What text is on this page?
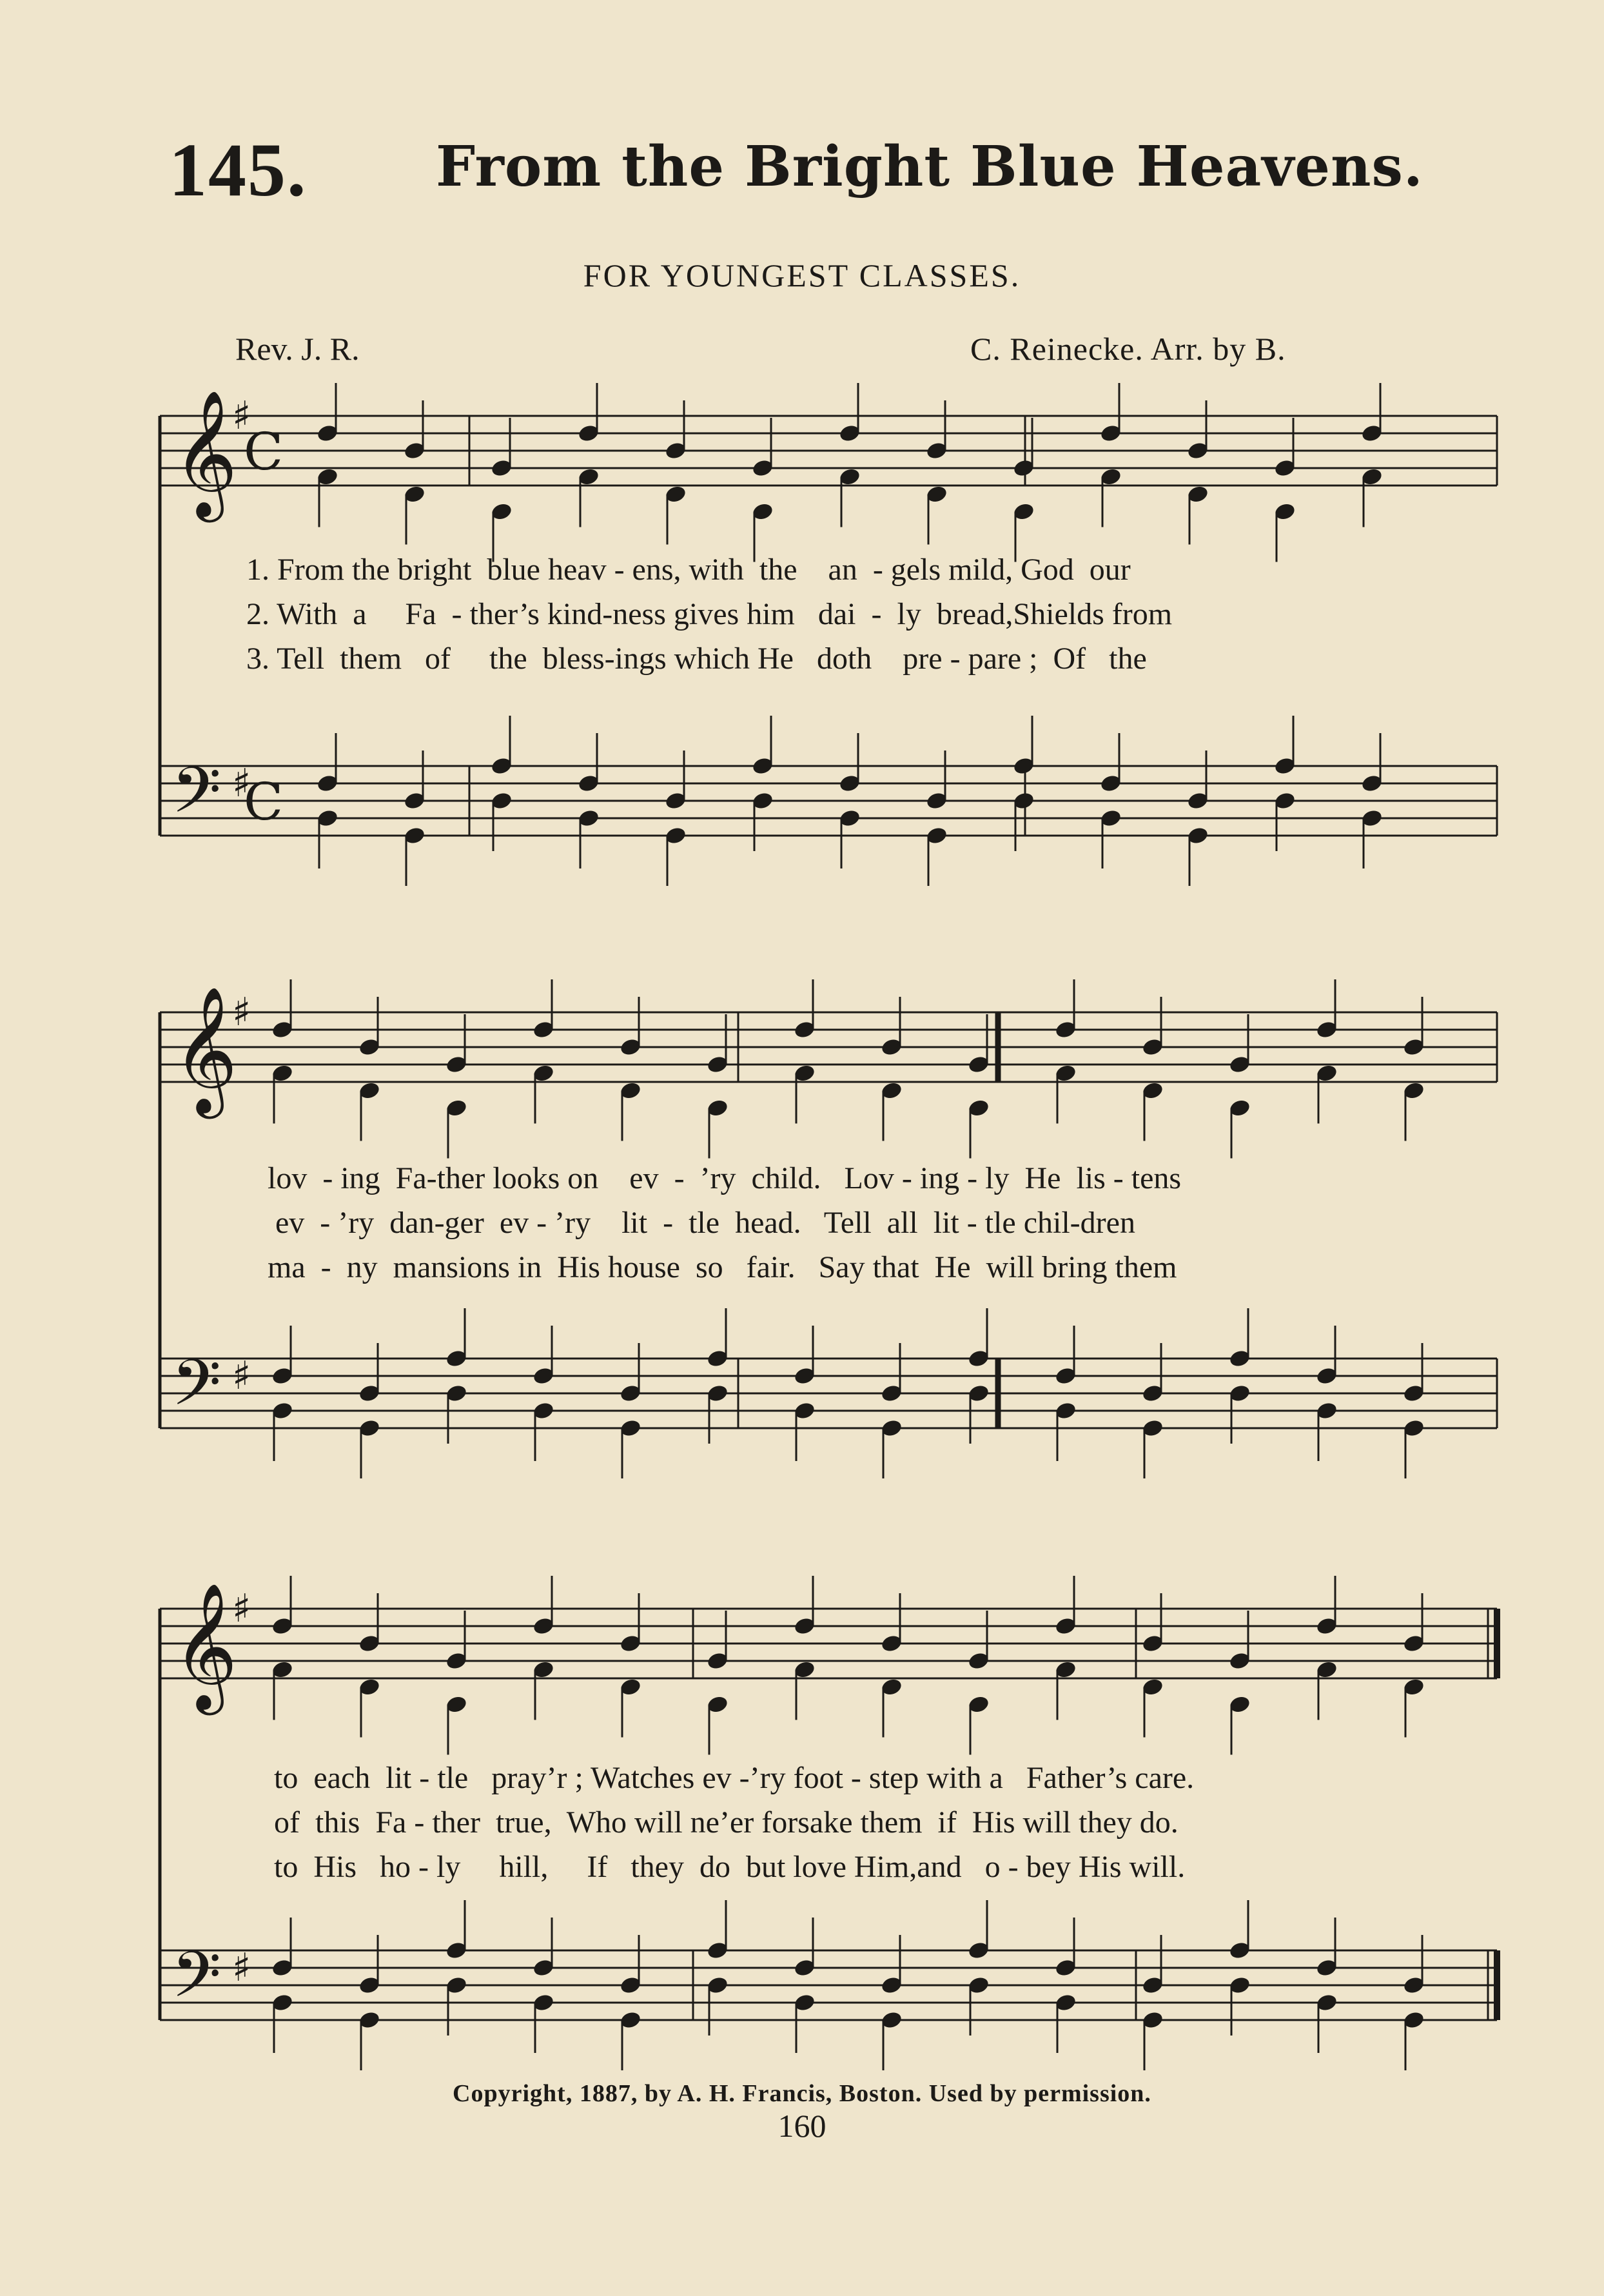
145. From the Bright Blue Heavens.
FOR YOUNGEST CLASSES.
Rev. J. R.	C. Reinecke. Arr. by B.
𝄞
𝄢
♯
♯
𝄞
𝄢
♯
♯
𝄞
𝄢
♯
♯
C
C
1. From the bright  blue heav - ens, with  the    an  - gels mild, God  our
2. With  a     Fa  - ther’s kind-ness gives him   dai  -  ly  bread,Shields from
3. Tell  them   of     the  bless-ings which He   doth    pre - pare ;  Of   the
lov  - ing  Fa-ther looks on    ev  -  ’ry  child.   Lov - ing - ly  He  lis - tens
ev  - ’ry  dan-ger  ev - ’ry    lit  -  tle  head.   Tell  all  lit - tle chil-dren
ma  -  ny  mansions in  His house  so   fair.   Say that  He  will bring them
to  each  lit - tle   pray’r ; Watches ev -’ry foot - step with a   Father’s care.
of  this  Fa - ther  true,  Who will ne’er forsake them  if  His will they do.
to  His   ho - ly     hill,     If   they  do  but love Him,and   o - bey His will.
Copyright, 1887, by A. H. Francis, Boston. Used by permission.
160
